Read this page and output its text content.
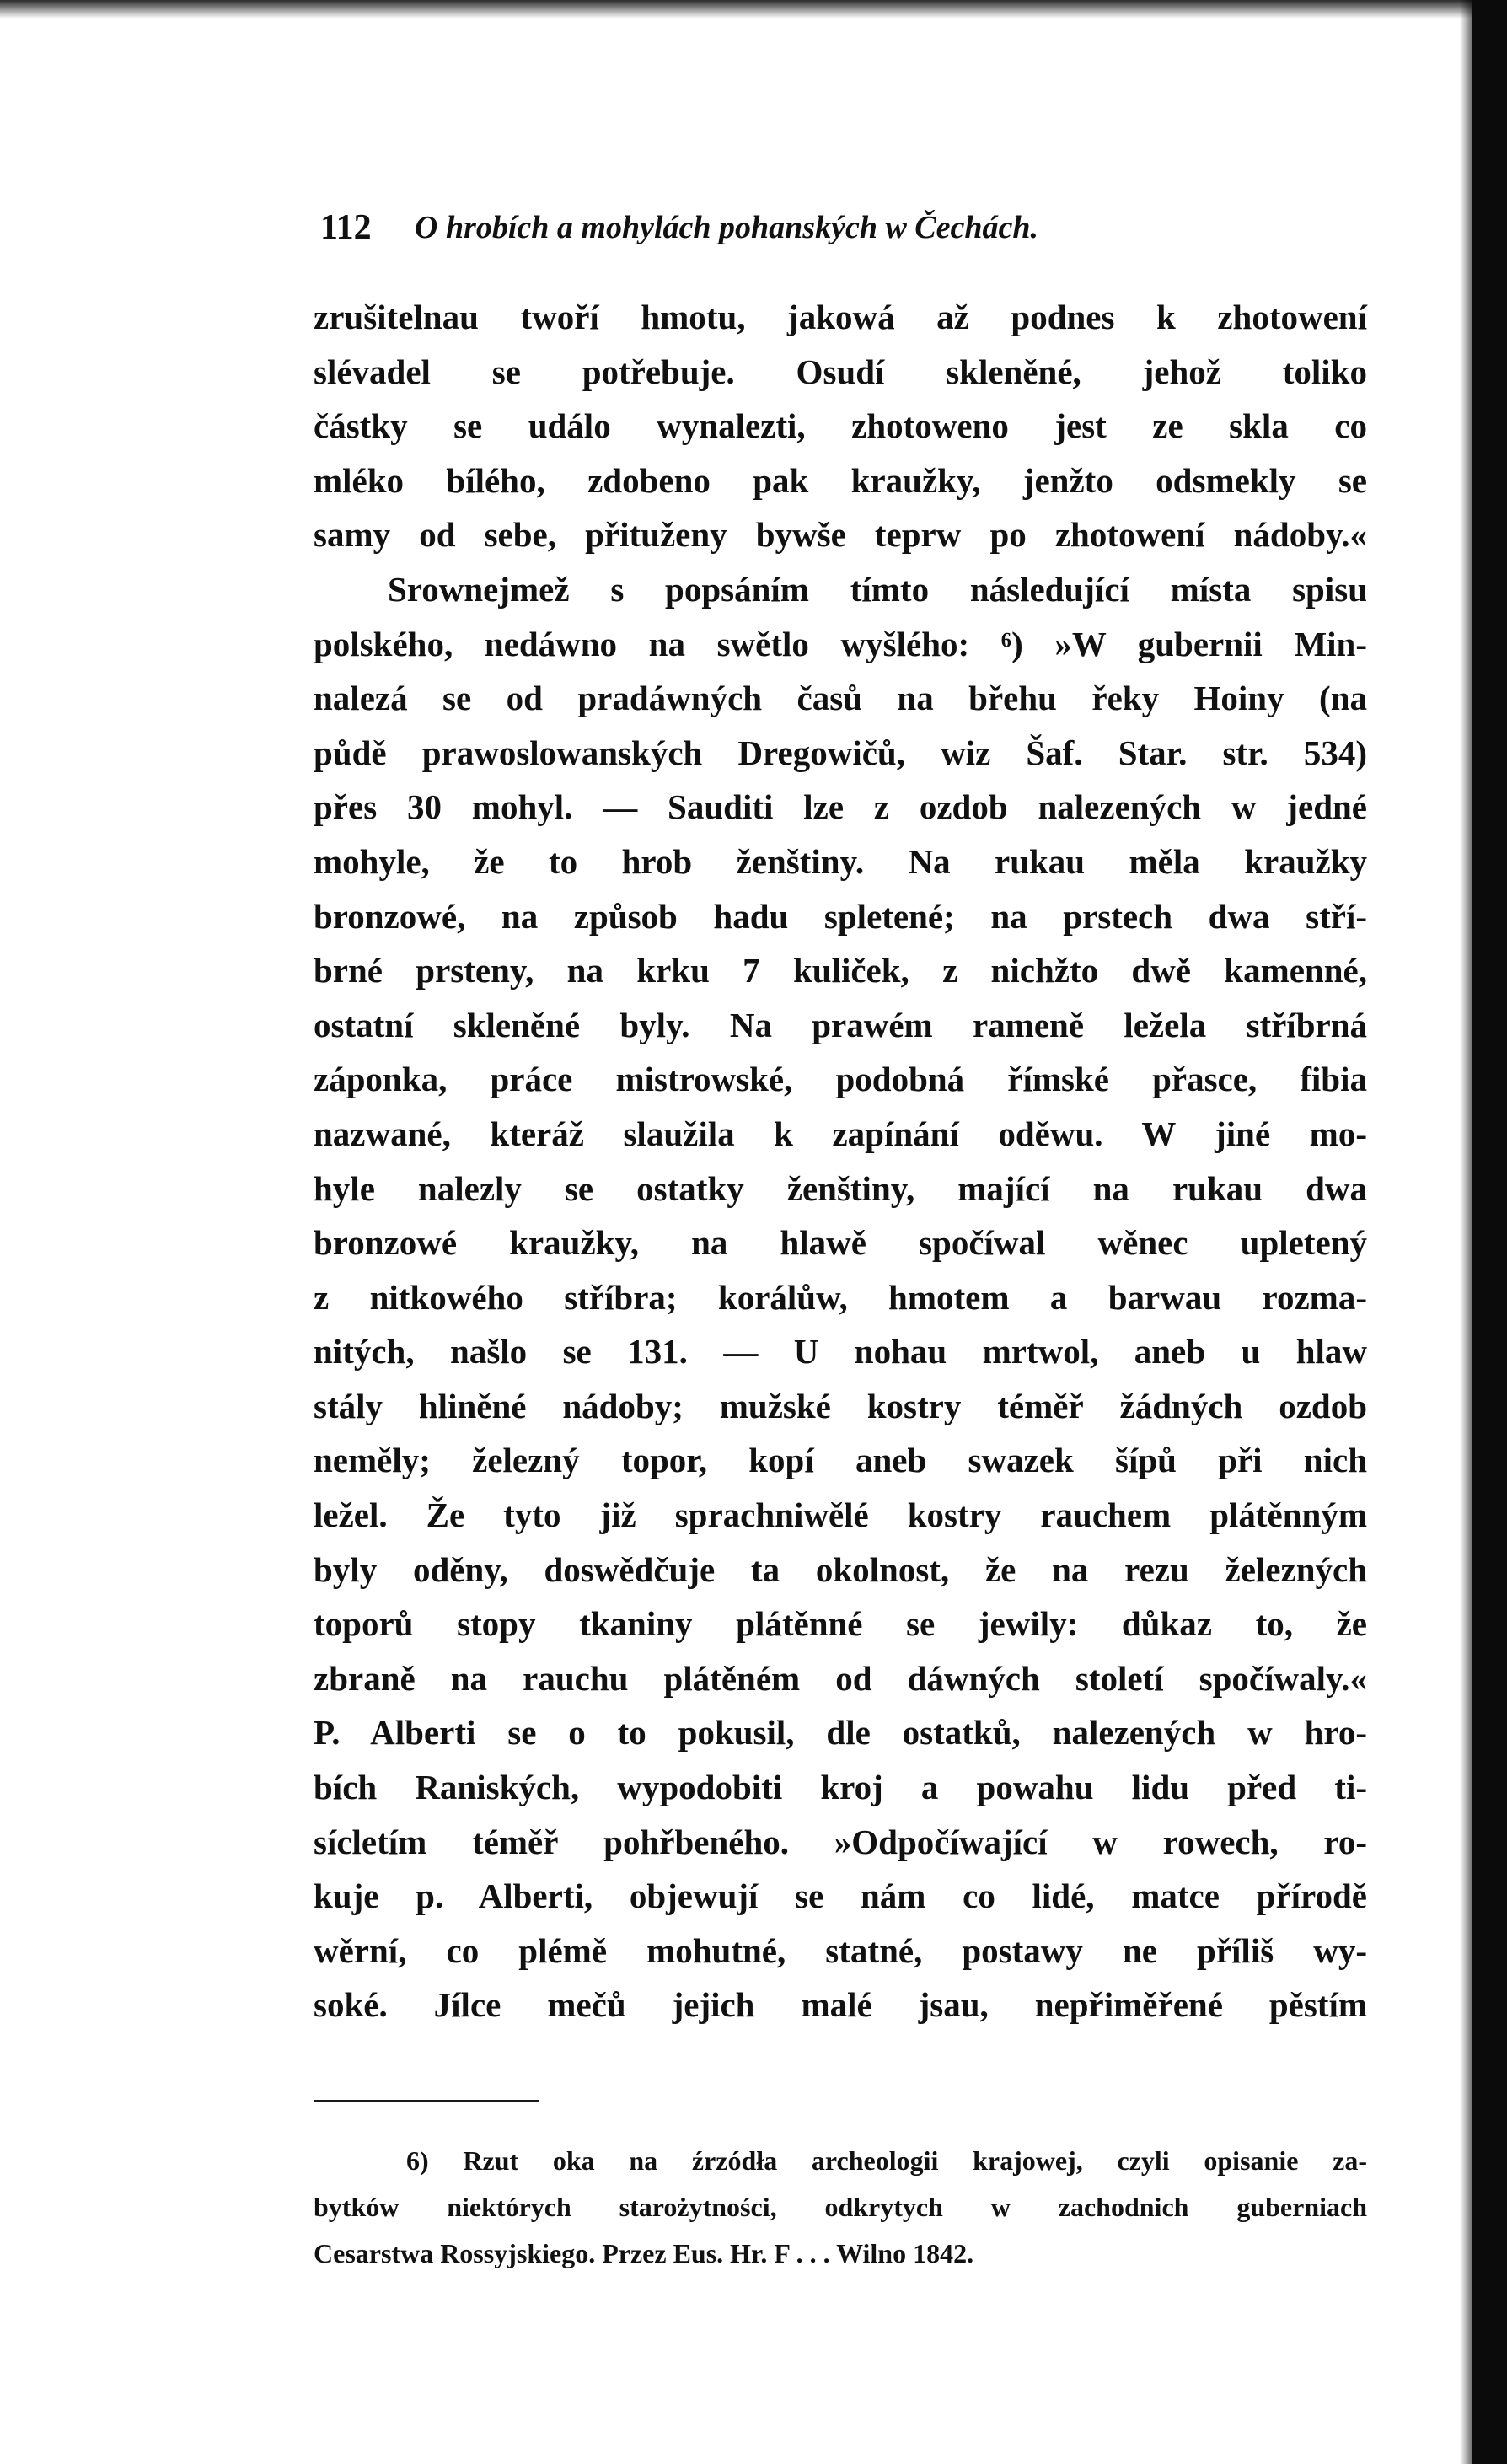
112 O hrobích a mohylách pohanských w Čechách.
zrušitelnau twoří hmotu, jakowá až podnes k zhotowení
slévadel se potřebuje. Osudí skleněné, jehož toliko
částky se událo wynalezti, zhotoweno jest ze skla co
mléko bílého, zdobeno pak kraužky, jenžto odsmekly se
samy od sebe, přituženy bywše teprw po zhotowení nádoby.«
Srownejmež s popsáním tímto následující místa spisu
polského, nedáwno na swětlo wyšlého: ⁶) »W gubernii Min-
nalezá se od pradáwných časů na břehu řeky Hoiny (na
půdě prawoslowanských Dregowičů, wiz Šaf. Star. str. 534)
přes 30 mohyl. — Sauditi lze z ozdob nalezených w jedné
mohyle, že to hrob ženštiny. Na rukau měla kraužky
bronzowé, na způsob hadu spletené; na prstech dwa stří-
brné prsteny, na krku 7 kuliček, z nichžto dwě kamenné,
ostatní skleněné byly. Na prawém rameně ležela stříbrná
záponka, práce mistrowské, podobná římské přasce, fibia
nazwané, kteráž slaužila k zapínání oděwu. W jiné mo-
hyle nalezly se ostatky ženštiny, mající na rukau dwa
bronzowé kraužky, na hlawě spočíwal wěnec upletený
z nitkowého stříbra; korálůw, hmotem a barwau rozma-
nitých, našlo se 131. — U nohau mrtwol, aneb u hlaw
stály hliněné nádoby; mužské kostry téměř žádných ozdob
neměly; železný topor, kopí aneb swazek šípů při nich
ležel. Že tyto již sprachniwělé kostry rauchem plátěnným
byly oděny, doswědčuje ta okolnost, že na rezu železných
toporů stopy tkaniny plátěnné se jewily: důkaz to, že
zbraně na rauchu plátěném od dáwných století spočíwaly.«
P. Alberti se o to pokusil, dle ostatků, nalezených w hro-
bích Raniských, wypodobiti kroj a powahu lidu před ti-
sícletím téměř pohřbeného. »Odpočíwající w rowech, ro-
kuje p. Alberti, objewují se nám co lidé, matce přírodě
wěrní, co plémě mohutné, statné, postawy ne příliš wy-
soké. Jílce mečů jejich malé jsau, nepřiměřené pěstím
6) Rzut oka na źrzódła archeologii krajowej, czyli opisanie za-
bytków niektórych starożytności, odkrytych w zachodnich guberniach
Cesarstwa Rossyjskiego. Przez Eus. Hr. F . . . Wilno 1842.
